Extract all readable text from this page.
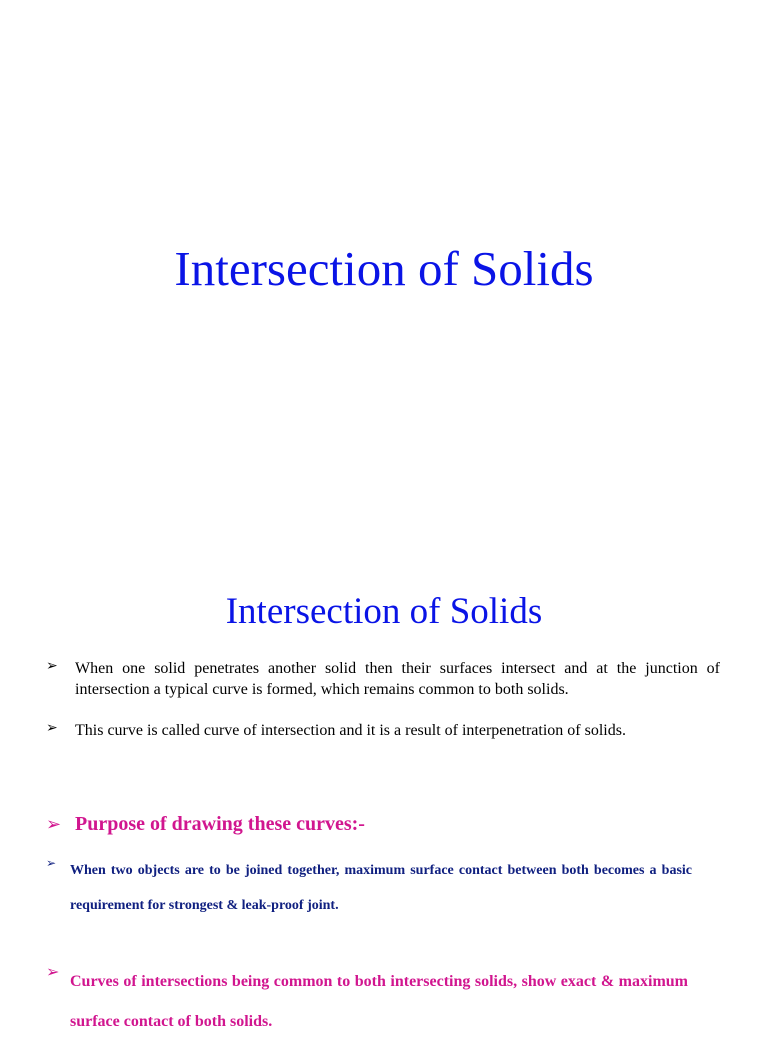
Intersection of Solids
Intersection of Solids
➢ When one solid penetrates another solid then their surfaces intersect and at the junction of intersection a typical curve is formed, which remains common to both solids.
➢ This curve is called curve of intersection and it is a result of interpenetration of solids.
➢ Purpose of drawing these curves:-
➢ When two objects are to be joined together, maximum surface contact between both becomes a basic requirement for strongest & leak-proof joint.
➢
Curves of intersections being common to both intersecting solids, show exact & maximum surface contact of both solids.
